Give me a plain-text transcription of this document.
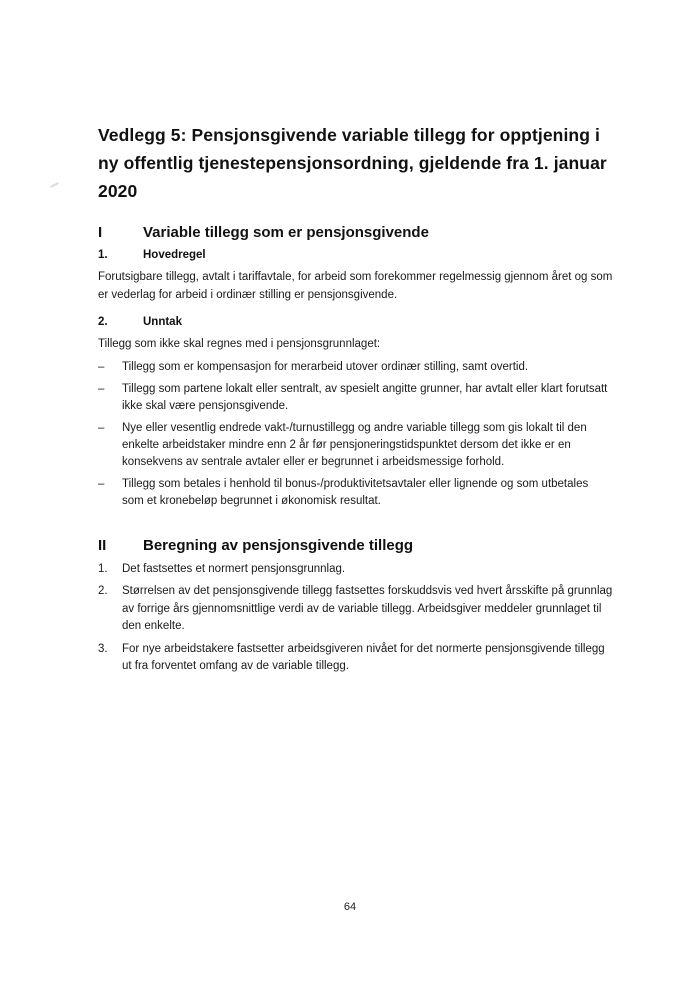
Vedlegg 5: Pensjonsgivende variable tillegg for opptjening i ny offentlig tjenestepensjonsordning, gjeldende fra 1. januar 2020
I	Variable tillegg som er pensjonsgivende
1.	Hovedregel

Forutsigbare tillegg, avtalt i tariffavtale, for arbeid som forekommer regelmessig gjennom året og som er vederlag for arbeid i ordinær stilling er pensjonsgivende.

2.	Unntak

Tillegg som ikke skal regnes med i pensjonsgrunnlaget:

–	Tillegg som er kompensasjon for merarbeid utover ordinær stilling, samt overtid.
–	Tillegg som partene lokalt eller sentralt, av spesielt angitte grunner, har avtalt eller klart forutsatt ikke skal være pensjonsgivende.
–	Nye eller vesentlig endrede vakt-/turnustillegg og andre variable tillegg som gis lokalt til den enkelte arbeidstaker mindre enn 2 år før pensjoneringstidspunktet dersom det ikke er en konsekvens av sentrale avtaler eller er begrunnet i arbeidsmessige forhold.
–	Tillegg som betales i henhold til bonus-/produktivitetsavtaler eller lignende og som utbetales som et kronebeløp begrunnet i økonomisk resultat.
II	Beregning av pensjonsgivende tillegg
1.	Det fastsettes et normert pensjonsgrunnlag.
2.	Størrelsen av det pensjonsgivende tillegg fastsettes forskuddsvis ved hvert årsskifte på grunnlag av forrige års gjennomsnittlige verdi av de variable tillegg. Arbeidsgiver meddeler grunnlaget til den enkelte.
3.	For nye arbeidstakere fastsetter arbeidsgiveren nivået for det normerte pensjonsgivende tillegg ut fra forventet omfang av de variable tillegg.
64
